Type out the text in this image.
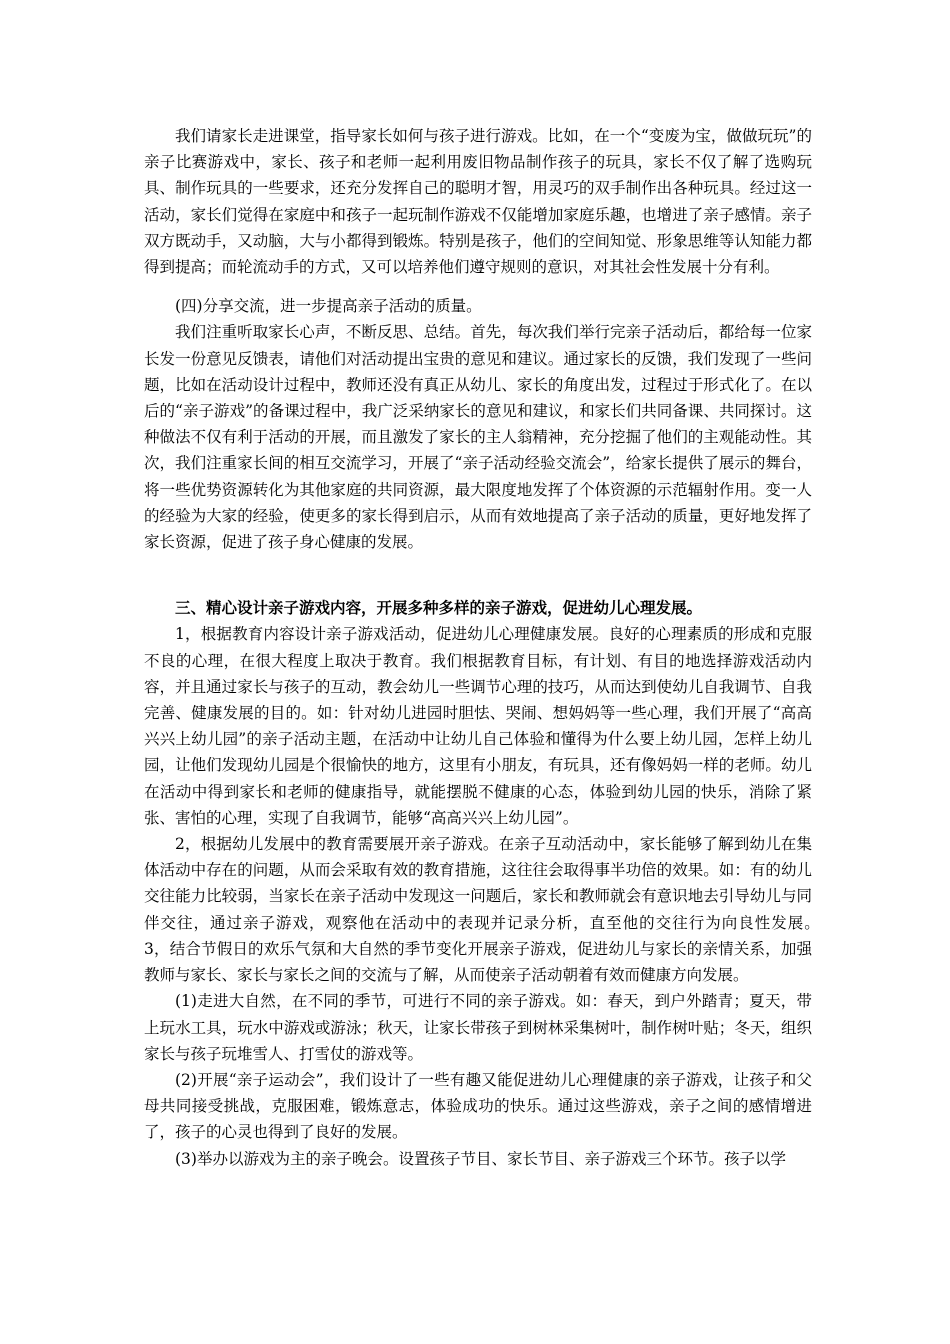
我们请家长走进课堂，指导家长如何与孩子进行游戏。比如，在一个“变废为宝，做做玩玩”的亲子比赛游戏中，家长、孩子和老师一起利用废旧物品制作孩子的玩具，家长不仅了解了选购玩具、制作玩具的一些要求，还充分发挥自己的聪明才智，用灵巧的双手制作出各种玩具。经过这一活动，家长们觉得在家庭中和孩子一起玩制作游戏不仅能增加家庭乐趣，也增进了亲子感情。亲子双方既动手，又动脑，大与小都得到锻炼。特别是孩子，他们的空间知觉、形象思维等认知能力都得到提高；而轮流动手的方式，又可以培养他们遵守规则的意识，对其社会性发展十分有利。

(四)分享交流，进一步提高亲子活动的质量。

我们注重听取家长心声，不断反思、总结。首先，每次我们举行完亲子活动后，都给每一位家长发一份意见反馈表，请他们对活动提出宝贵的意见和建议。通过家长的反馈，我们发现了一些问题，比如在活动设计过程中，教师还没有真正从幼儿、家长的角度出发，过程过于形式化了。在以后的“亲子游戏”的备课过程中，我广泛采纳家长的意见和建议，和家长们共同备课、共同探讨。这种做法不仅有利于活动的开展，而且激发了家长的主人翁精神，充分挖掘了他们的主观能动性。其次，我们注重家长间的相互交流学习，开展了“亲子活动经验交流会”，给家长提供了展示的舞台，将一些优势资源转化为其他家庭的共同资源，最大限度地发挥了个体资源的示范辐射作用。变一人的经验为大家的经验，使更多的家长得到启示，从而有效地提高了亲子活动的质量，更好地发挥了家长资源，促进了孩子身心健康的发展。

三、精心设计亲子游戏内容，开展多种多样的亲子游戏，促进幼儿心理发展。

1，根据教育内容设计亲子游戏活动，促进幼儿心理健康发展。良好的心理素质的形成和克服不良的心理，在很大程度上取决于教育。我们根据教育目标，有计划、有目的地选择游戏活动内容，并且通过家长与孩子的互动，教会幼儿一些调节心理的技巧，从而达到使幼儿自我调节、自我完善、健康发展的目的。如：针对幼儿进园时胆怯、哭闹、想妈妈等一些心理，我们开展了“高高兴兴上幼儿园”的亲子活动主题，在活动中让幼儿自己体验和懂得为什么要上幼儿园，怎样上幼儿园，让他们发现幼儿园是个很愉快的地方，这里有小朋友，有玩具，还有像妈妈一样的老师。幼儿在活动中得到家长和老师的健康指导，就能摆脱不健康的心态，体验到幼儿园的快乐，消除了紧张、害怕的心理，实现了自我调节，能够“高高兴兴上幼儿园”。

2，根据幼儿发展中的教育需要展开亲子游戏。在亲子互动活动中，家长能够了解到幼儿在集体活动中存在的问题，从而会采取有效的教育措施，这往往会取得事半功倍的效果。如：有的幼儿交往能力比较弱，当家长在亲子活动中发现这一问题后，家长和教师就会有意识地去引导幼儿与同伴交往，通过亲子游戏，观察他在活动中的表现并记录分析，直至他的交往行为向良性发展。　3，结合节假日的欢乐气氛和大自然的季节变化开展亲子游戏，促进幼儿与家长的亲情关系，加强教师与家长、家长与家长之间的交流与了解，从而使亲子活动朝着有效而健康方向发展。

(1)走进大自然，在不同的季节，可进行不同的亲子游戏。如：春天，到户外踏青；夏天，带上玩水工具，玩水中游戏或游泳；秋天，让家长带孩子到树林采集树叶，制作树叶贴；冬天，组织家长与孩子玩堆雪人、打雪仗的游戏等。

(2)开展“亲子运动会”，我们设计了一些有趣又能促进幼儿心理健康的亲子游戏，让孩子和父母共同接受挑战，克服困难，锻炼意志，体验成功的快乐。通过这些游戏，亲子之间的感情增进了，孩子的心灵也得到了良好的发展。

(3)举办以游戏为主的亲子晚会。设置孩子节目、家长节目、亲子游戏三个环节。孩子以学
